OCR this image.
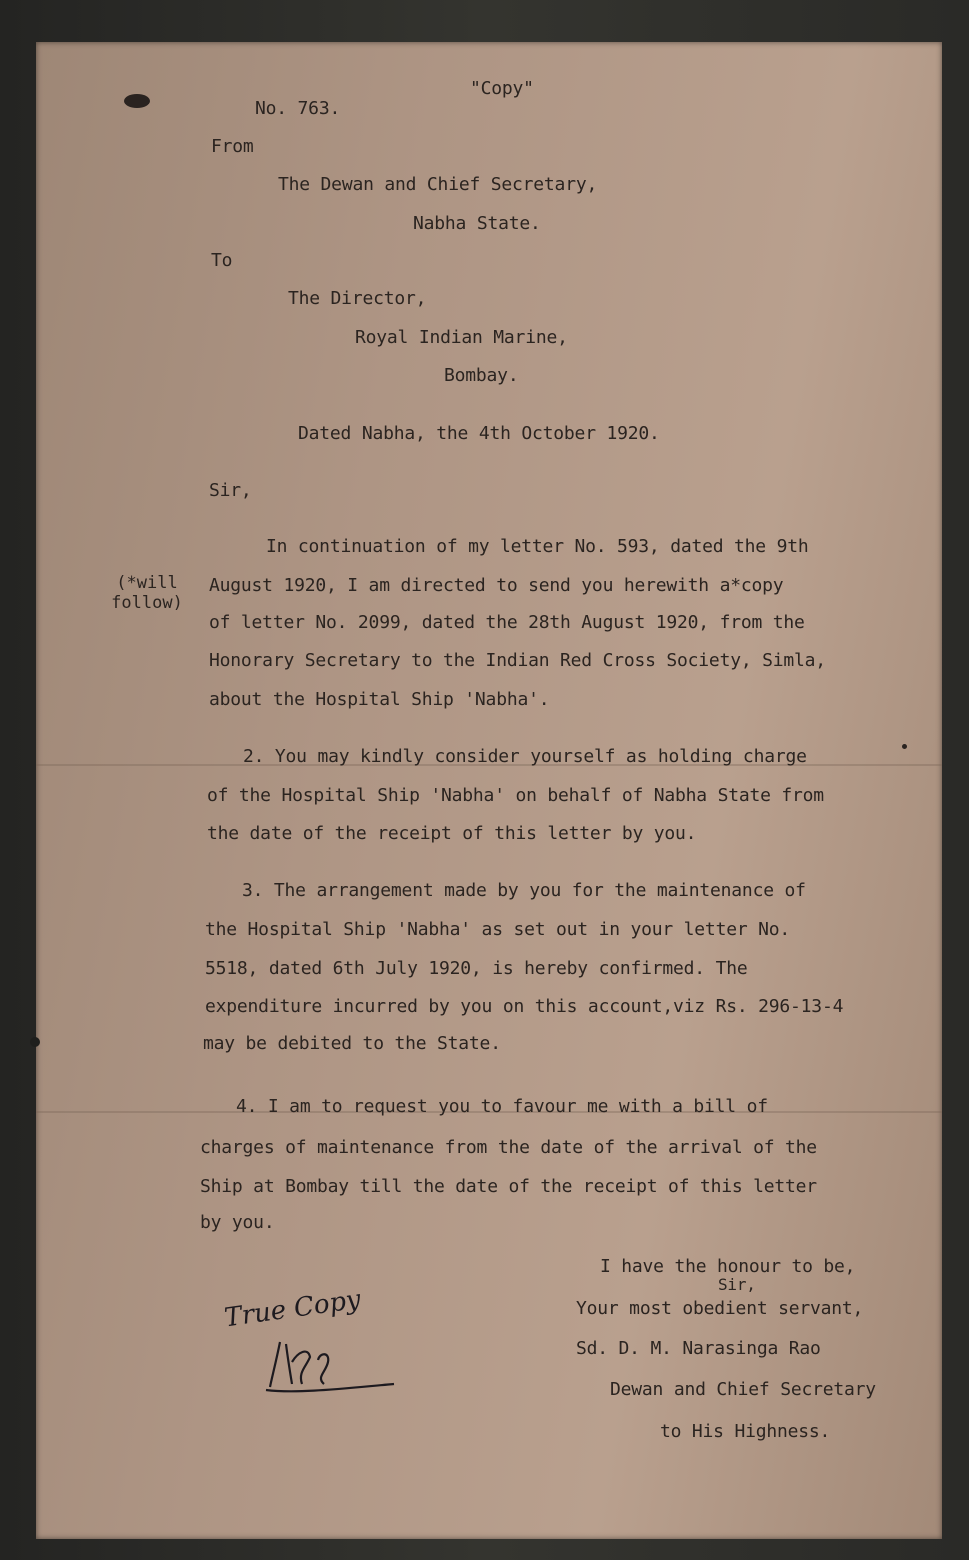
"Copy"
No. 763.
From
The Dewan and Chief Secretary,
Nabha State.
To
The Director,
Royal Indian Marine,
Bombay.
Dated Nabha, the 4th October 1920.
Sir,
(*will
follow)
In continuation of my letter No. 593, dated the 9th
August 1920, I am directed to send you herewith a*copy
of letter No. 2099, dated the 28th August 1920, from the
Honorary Secretary to the Indian Red Cross Society, Simla,
about the Hospital Ship 'Nabha'.
2. You may kindly consider yourself as holding charge
of the Hospital Ship 'Nabha' on behalf of Nabha State from
the date of the receipt of this letter by you.
3. The arrangement made by you for the maintenance of
the Hospital Ship 'Nabha' as set out in your letter No.
5518, dated 6th July 1920, is hereby confirmed. The
expenditure incurred by you on this account,viz Rs. 296-13-4
may be debited to the State.
4. I am to request you to favour me with a bill of
charges of maintenance from the date of the arrival of the
Ship at Bombay till the date of the receipt of this letter
by you.
I have the honour to be,
Sir,
Your most obedient servant,
Sd. D. M. Narasinga Rao
Dewan and Chief Secretary
to His Highness.
True Copy
